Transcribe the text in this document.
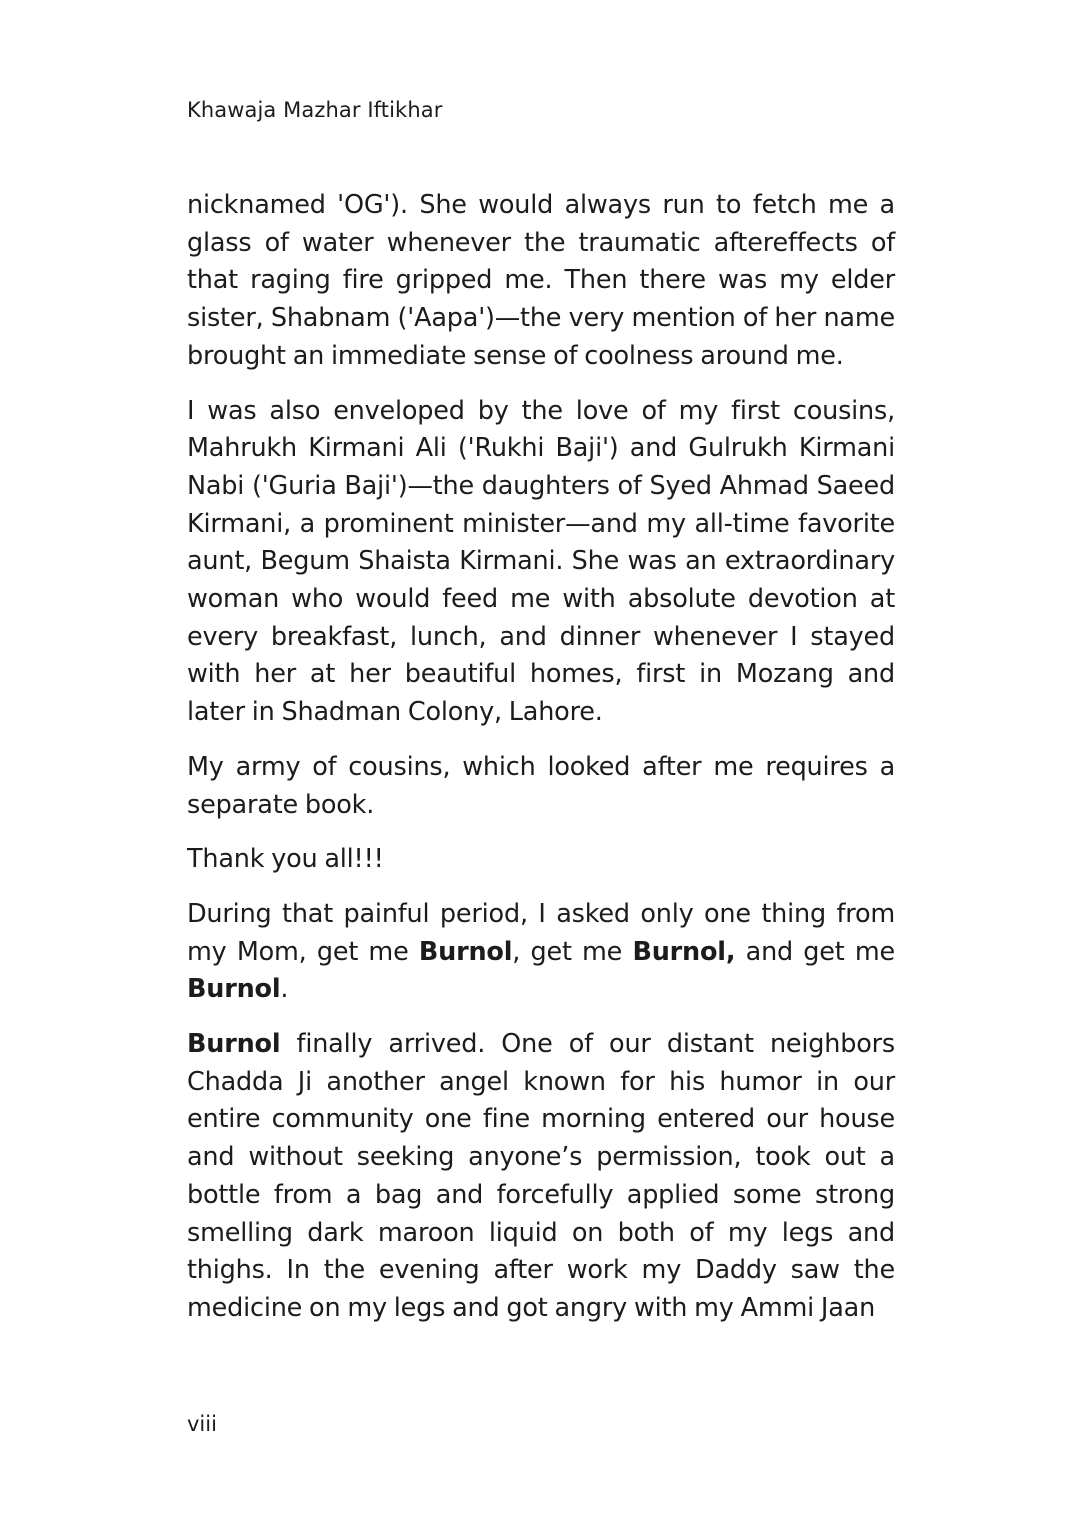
Khawaja Mazhar Iftikhar

nicknamed 'OG'). She would always run to fetch me a glass of water whenever the traumatic aftereffects of that raging fire gripped me. Then there was my elder sister, Shabnam ('Aapa')—the very mention of her name brought an immediate sense of coolness around me.

I was also enveloped by the love of my first cousins, Mahrukh Kirmani Ali ('Rukhi Baji') and Gulrukh Kirmani Nabi ('Guria Baji')—the daughters of Syed Ahmad Saeed Kirmani, a prominent minister—and my all-time favorite aunt, Begum Shaista Kirmani. She was an extraordinary woman who would feed me with absolute devotion at every breakfast, lunch, and dinner whenever I stayed with her at her beautiful homes, first in Mozang and later in Shadman Colony, Lahore.

My army of cousins, which looked after me requires a separate book.

Thank you all!!!

During that painful period, I asked only one thing from my Mom, get me Burnol, get me Burnol, and get me Burnol.

Burnol finally arrived. One of our distant neighbors Chadda Ji another angel known for his humor in our entire community one fine morning entered our house and without seeking anyone’s permission, took out a bottle from a bag and forcefully applied some strong smelling dark maroon liquid on both of my legs and thighs. In the evening after work my Daddy saw the medicine on my legs and got angry with my Ammi Jaan

viii
